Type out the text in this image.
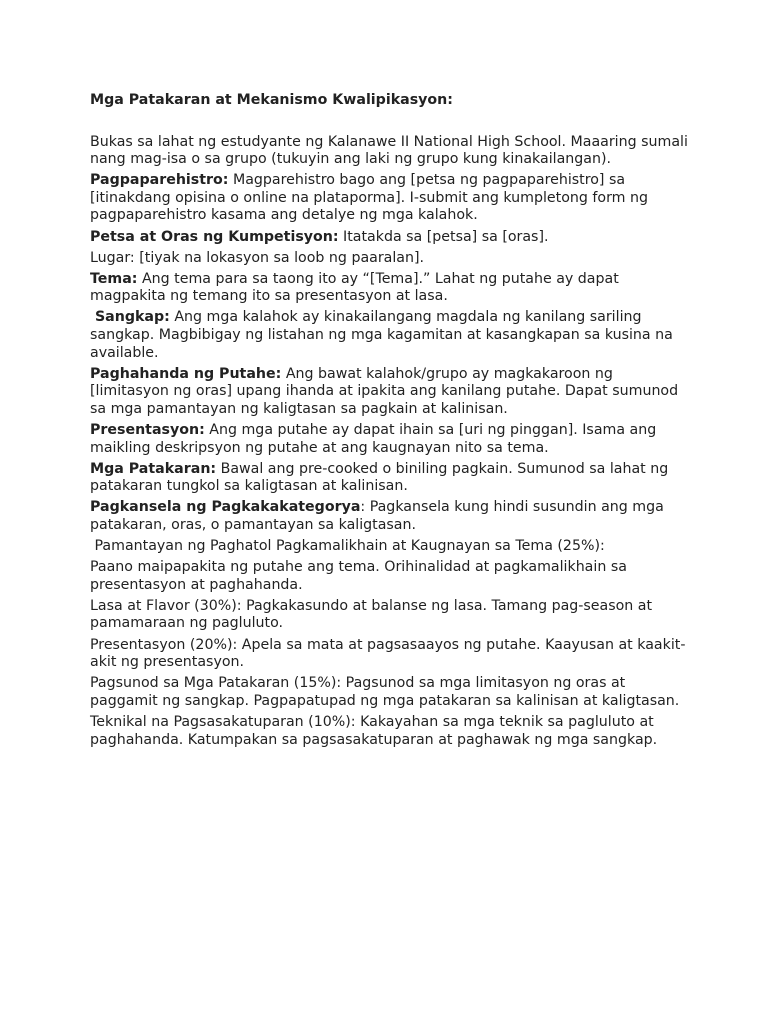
Mga Patakaran at Mekanismo Kwalipikasyon:
Bukas sa lahat ng estudyante ng Kalanawe II National High School. Maaaring sumali nang mag-isa o sa grupo (tukuyin ang laki ng grupo kung kinakailangan).
Pagpaparehistro: Magparehistro bago ang [petsa ng pagpaparehistro] sa [itinakdang opisina o online na plataporma]. I-submit ang kumpletong form ng pagpaparehistro kasama ang detalye ng mga kalahok.
Petsa at Oras ng Kumpetisyon: Itatakda sa [petsa] sa [oras].
Lugar: [tiyak na lokasyon sa loob ng paaralan].
Tema: Ang tema para sa taong ito ay “[Tema].” Lahat ng putahe ay dapat magpakita ng temang ito sa presentasyon at lasa.
Sangkap: Ang mga kalahok ay kinakailangang magdala ng kanilang sariling sangkap. Magbibigay ng listahan ng mga kagamitan at kasangkapan sa kusina na available.
Paghahanda ng Putahe: Ang bawat kalahok/grupo ay magkakaroon ng [limitasyon ng oras] upang ihanda at ipakita ang kanilang putahe. Dapat sumunod sa mga pamantayan ng kaligtasan sa pagkain at kalinisan.
Presentasyon: Ang mga putahe ay dapat ihain sa [uri ng pinggan]. Isama ang maikling deskripsyon ng putahe at ang kaugnayan nito sa tema.
Mga Patakaran: Bawal ang pre-cooked o biniling pagkain. Sumunod sa lahat ng patakaran tungkol sa kaligtasan at kalinisan.
Pagkansela ng Pagkakakategorya: Pagkansela kung hindi susundin ang mga patakaran, oras, o pamantayan sa kaligtasan.
Pamantayan ng Paghatol Pagkamalikhain at Kaugnayan sa Tema (25%):
Paano maipapakita ng putahe ang tema. Orihinalidad at pagkamalikhain sa presentasyon at paghahanda.
Lasa at Flavor (30%): Pagkakasundo at balanse ng lasa. Tamang pag-season at pamamaraan ng pagluluto.
Presentasyon (20%): Apela sa mata at pagsasaayos ng putahe. Kaayusan at kaakit-akit ng presentasyon.
Pagsunod sa Mga Patakaran (15%): Pagsunod sa mga limitasyon ng oras at paggamit ng sangkap. Pagpapatupad ng mga patakaran sa kalinisan at kaligtasan.
Teknikal na Pagsasakatuparan (10%): Kakayahan sa mga teknik sa pagluluto at paghahanda. Katumpakan sa pagsasakatuparan at paghawak ng mga sangkap.
